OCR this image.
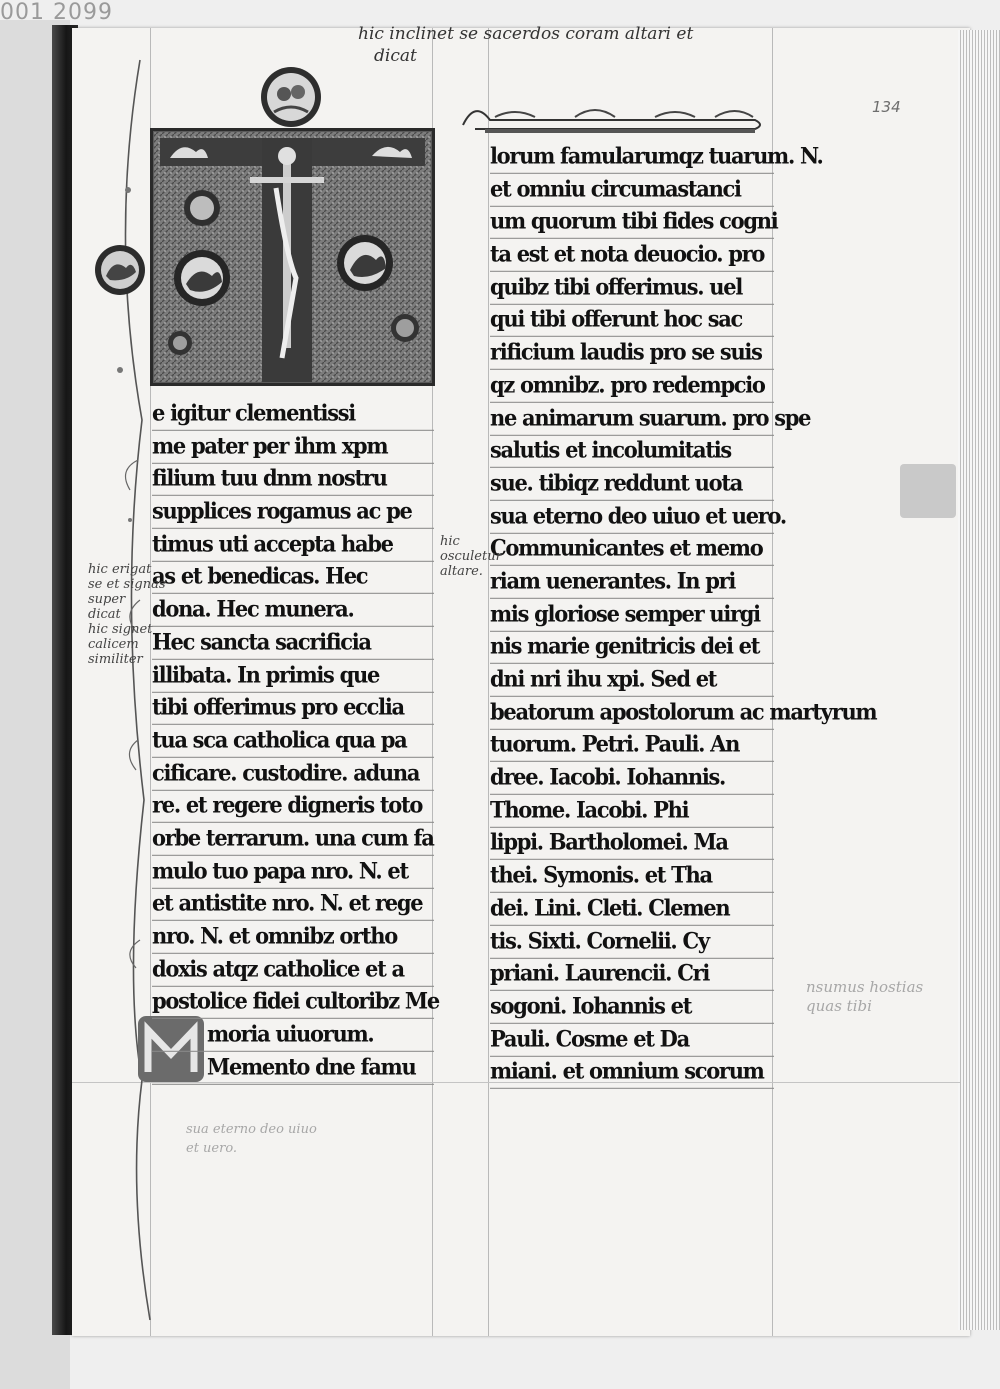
001 2099
134
hic inclinet se sacerdos coram altari et
dicat
e igitur clementissi
me pater per ihm xpm
filium tuu dnm nostru
supplices rogamus ac pe
timus uti accepta habe
as et benedicas. Hec
dona. Hec munera.
Hec sancta sacrificia
illibata. In primis que
tibi offerimus pro ecclia
tua sca catholica qua pa
cificare. custodire. aduna
re. et regere digneris toto
orbe terrarum. una cum fa
mulo tuo papa nro. N. et
et antistite nro. N. et rege
nro. N. et omnibz ortho
doxis atqz catholice et a
postolice fidei cultoribz Me
moria uiuorum.
Memento dne famu
lorum famularumqz tuarum. N.
et omniu circumastanci
um quorum tibi fides cogni
ta est et nota deuocio. pro
quibz tibi offerimus. uel
qui tibi offerunt hoc sac
rificium laudis pro se suis
qz omnibz. pro redempcio
ne animarum suarum. pro spe
salutis et incolumitatis
sue. tibiqz reddunt uota
sua eterno deo uiuo et uero.
Communicantes et memo
riam uenerantes. In pri
mis gloriose semper uirgi
nis marie genitricis dei et
dni nri ihu xpi. Sed et
beatorum apostolorum ac martyrum
tuorum. Petri. Pauli. An
dree. Iacobi. Iohannis.
Thome. Iacobi. Phi
lippi. Bartholomei. Ma
thei. Symonis. et Tha
dei. Lini. Cleti. Clemen
tis. Sixti. Cornelii. Cy
priani. Laurencii. Cri
sogoni. Iohannis et
Pauli. Cosme et Da
miani. et omnium scorum
hic erigat
se et signas
super
dicat
hic signet
calicem
similiter
hic
osculetur
altare.
nsumus hostias
quas tibi
sua eterno deo uiuo
et uero.
